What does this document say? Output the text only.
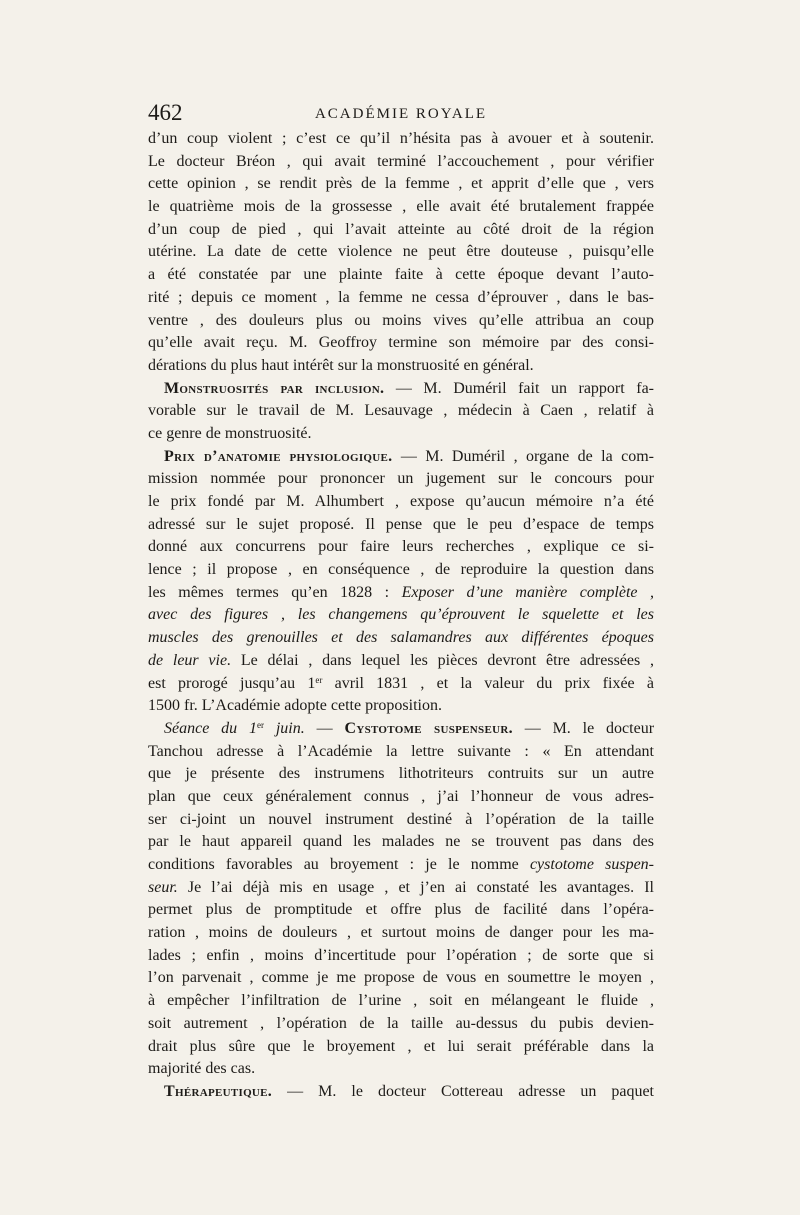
462	ACADÉMIE ROYALE
d’un coup violent ; c’est ce qu’il n’hésita pas à avouer et à soutenir.
Le docteur Bréon , qui avait terminé l’accouchement , pour vérifier
cette opinion , se rendit près de la femme , et apprit d’elle que , vers
le quatrième mois de la grossesse , elle avait été brutalement frappée
d’un coup de pied , qui l’avait atteinte au côté droit de la région
utérine. La date de cette violence ne peut être douteuse , puisqu’elle
a été constatée par une plainte faite à cette époque devant l’auto-
rité ; depuis ce moment , la femme ne cessa d’éprouver , dans le bas-
ventre , des douleurs plus ou moins vives qu’elle attribua an coup
qu’elle avait reçu. M. Geoffroy termine son mémoire par des consi-
dérations du plus haut intérêt sur la monstruosité en général.
Monstruosités par inclusion. — M. Duméril fait un rapport fa-
vorable sur le travail de M. Lesauvage , médecin à Caen , relatif à
ce genre de monstruosité.
Prix d’anatomie physiologique. — M. Duméril , organe de la com-
mission nommée pour prononcer un jugement sur le concours pour
le prix fondé par M. Alhumbert , expose qu’aucun mémoire n’a été
adressé sur le sujet proposé. Il pense que le peu d’espace de temps
donné aux concurrens pour faire leurs recherches , explique ce si-
lence ; il propose , en conséquence , de reproduire la question dans
les mêmes termes qu’en 1828 : Exposer d’une manière complète ,
avec des figures , les changemens qu’éprouvent le squelette et les
muscles des grenouilles et des salamandres aux différentes époques
de leur vie. Le délai , dans lequel les pièces devront être adressées ,
est prorogé jusqu’au 1er avril 1831 , et la valeur du prix fixée à
1500 fr. L’Académie adopte cette proposition.
Séance du 1er juin. — Cystotome suspenseur. — M. le docteur
Tanchou adresse à l’Académie la lettre suivante : « En attendant
que je présente des instrumens lithotriteurs contruits sur un autre
plan que ceux généralement connus , j’ai l’honneur de vous adres-
ser ci-joint un nouvel instrument destiné à l’opération de la taille
par le haut appareil quand les malades ne se trouvent pas dans des
conditions favorables au broyement : je le nomme cystotome suspen-
seur. Je l’ai déjà mis en usage , et j’en ai constaté les avantages. Il
permet plus de promptitude et offre plus de facilité dans l’opéra-
ration , moins de douleurs , et surtout moins de danger pour les ma-
lades ; enfin , moins d’incertitude pour l’opération ; de sorte que si
l’on parvenait , comme je me propose de vous en soumettre le moyen ,
à empêcher l’infiltration de l’urine , soit en mélangeant le fluide ,
soit autrement , l’opération de la taille au-dessus du pubis devien-
drait plus sûre que le broyement , et lui serait préférable dans la
majorité des cas.
Thérapeutique. — M. le docteur Cottereau adresse un paquet
